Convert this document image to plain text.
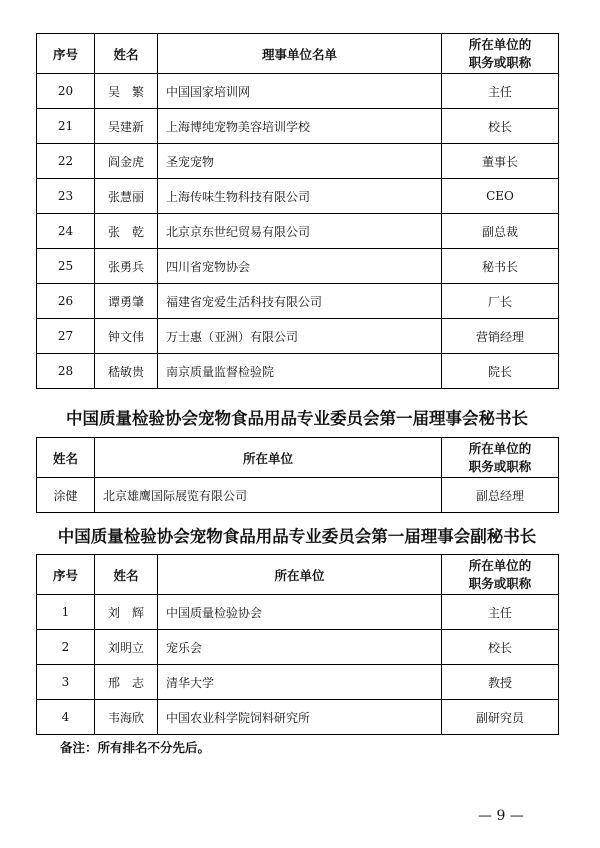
序号	姓名	理事单位名单	所在单位的
职务或职称
20	吴　繁	中国国家培训网	主任
21	吴建新	上海博纯宠物美容培训学校	校长
22	阎金虎	圣宠宠物	董事长
23	张慧丽	上海传味生物科技有限公司	CEO
24	张　乾	北京京东世纪贸易有限公司	副总裁
25	张勇兵	四川省宠物协会	秘书长
26	谭勇肇	福建省宠爱生活科技有限公司	厂长
27	钟文伟	万士惠（亚洲）有限公司	营销经理
28	嵇敏贵	南京质量监督检验院	院长
中国质量检验协会宠物食品用品专业委员会第一届理事会秘书长
姓名	所在单位	所在单位的
职务或职称
涂健	北京雄鹰国际展览有限公司	副总经理
中国质量检验协会宠物食品用品专业委员会第一届理事会副秘书长
序号	姓名	所在单位	所在单位的
职务或职称
1	刘　辉	中国质量检验协会	主任
2	刘明立	宠乐会	校长
3	邢　志	清华大学	教授
4	韦海欣	中国农业科学院饲料研究所	副研究员
备注：所有排名不分先后。
— 9 —
